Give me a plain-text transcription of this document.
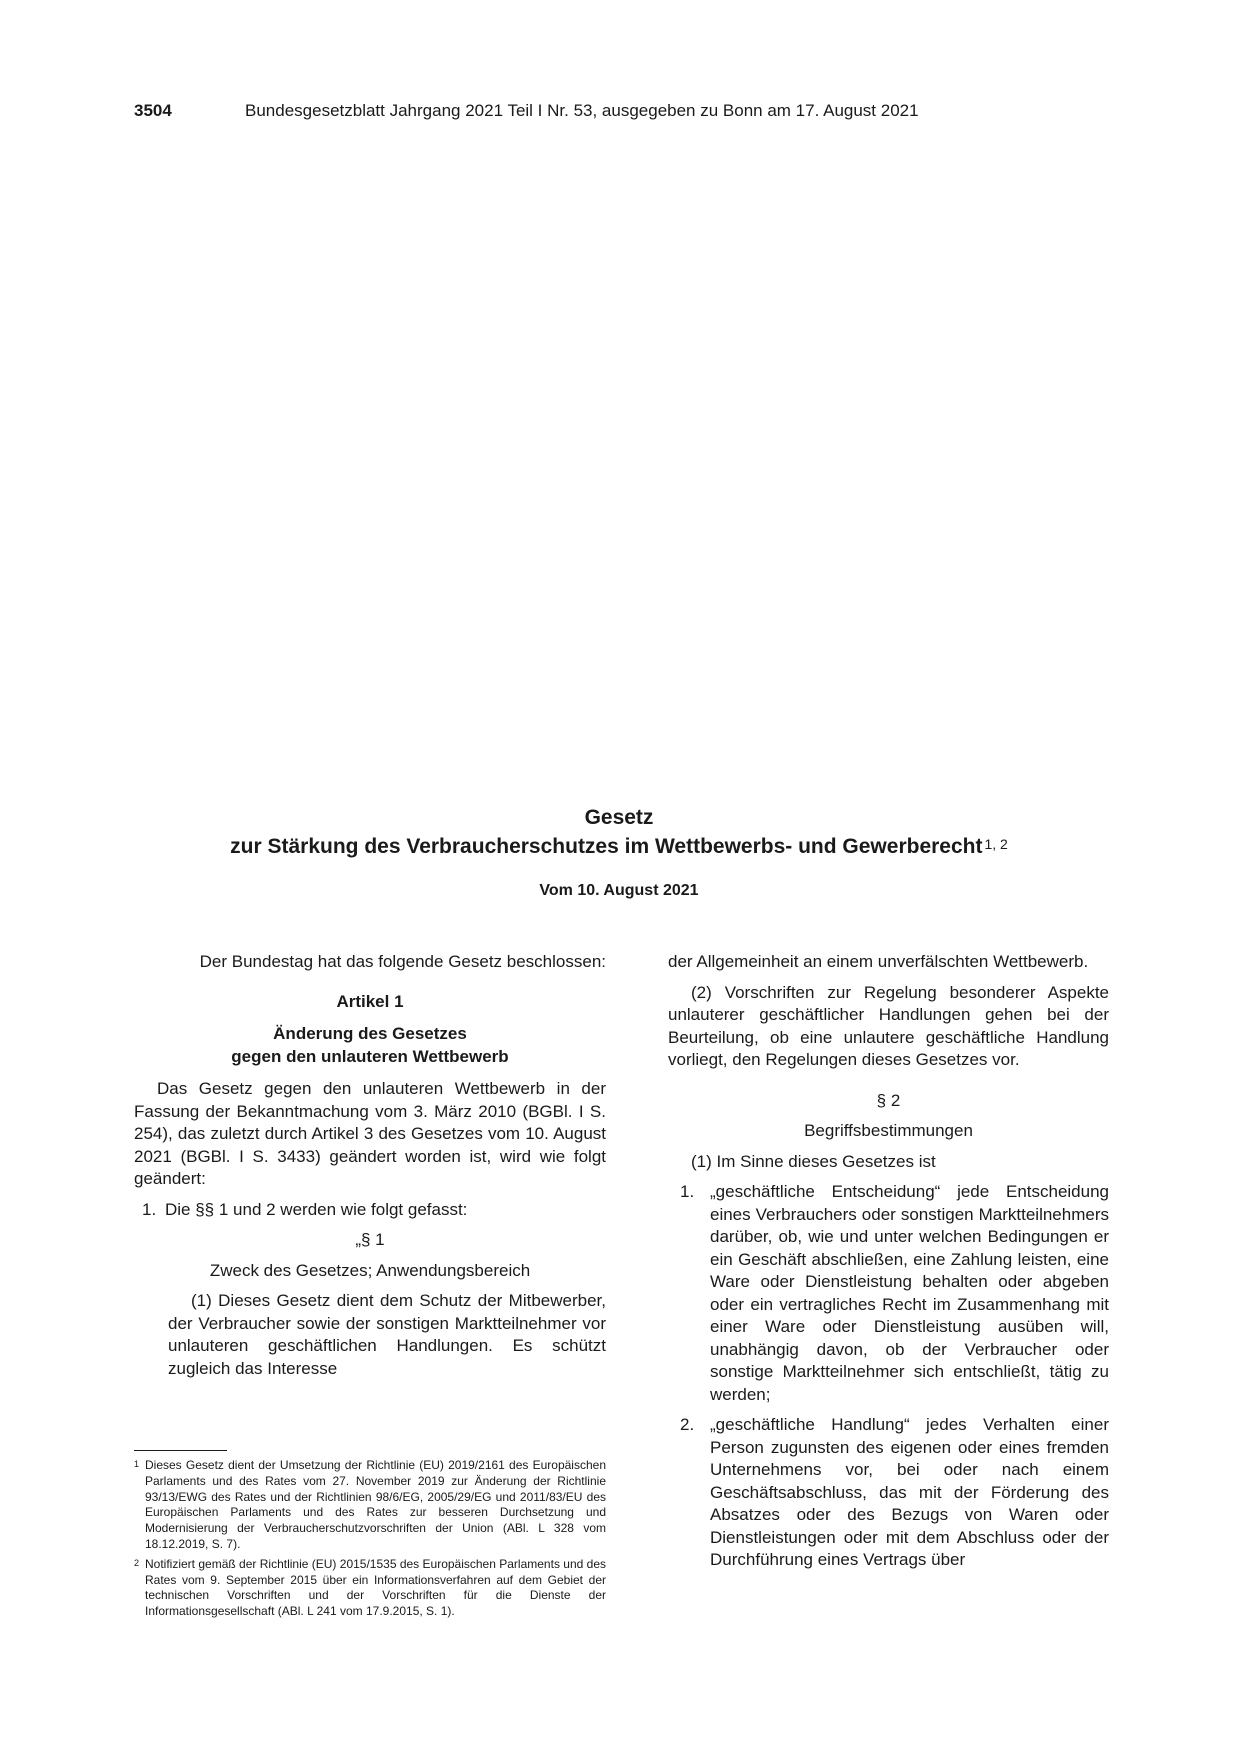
3504	Bundesgesetzblatt Jahrgang 2021 Teil I Nr. 53, ausgegeben zu Bonn am 17. August 2021
Gesetz
zur Stärkung des Verbraucherschutzes im Wettbewerbs- und Gewerberecht $^{1, 2}$
Vom 10. August 2021

Der Bundestag hat das folgende Gesetz beschlossen:

Artikel 1

Änderung des Gesetzes
gegen den unlauteren Wettbewerb

Das Gesetz gegen den unlauteren Wettbewerb in der Fassung der Bekanntmachung vom 3. März 2010 (BGBl. I S. 254), das zuletzt durch Artikel 3 des Gesetzes vom 10. August 2021 (BGBl. I S. 3433) geändert worden ist, wird wie folgt geändert:

1. Die §§ 1 und 2 werden wie folgt gefasst:

„§ 1

Zweck des Gesetzes; Anwendungsbereich

(1) Dieses Gesetz dient dem Schutz der Mitbewerber, der Verbraucher sowie der sonstigen Marktteilnehmer vor unlauteren geschäftlichen Handlungen. Es schützt zugleich das Interesse

1 Dieses Gesetz dient der Umsetzung der Richtlinie (EU) 2019/2161 des Europäischen Parlaments und des Rates vom 27. November 2019 zur Änderung der Richtlinie 93/13/EWG des Rates und der Richtlinien 98/6/EG, 2005/29/EG und 2011/83/EU des Europäischen Parlaments und des Rates zur besseren Durchsetzung und Modernisierung der Verbraucherschutzvorschriften der Union (ABl. L 328 vom 18.12.2019, S. 7).
2 Notifiziert gemäß der Richtlinie (EU) 2015/1535 des Europäischen Parlaments und des Rates vom 9. September 2015 über ein Informationsverfahren auf dem Gebiet der technischen Vorschriften und der Vorschriften für die Dienste der Informationsgesellschaft (ABl. L 241 vom 17.9.2015, S. 1).

der Allgemeinheit an einem unverfälschten Wettbewerb.

(2) Vorschriften zur Regelung besonderer Aspekte unlauterer geschäftlicher Handlungen gehen bei der Beurteilung, ob eine unlautere geschäftliche Handlung vorliegt, den Regelungen dieses Gesetzes vor.

§ 2

Begriffsbestimmungen

(1) Im Sinne dieses Gesetzes ist

1. „geschäftliche Entscheidung“ jede Entscheidung eines Verbrauchers oder sonstigen Marktteilnehmers darüber, ob, wie und unter welchen Bedingungen er ein Geschäft abschließen, eine Zahlung leisten, eine Ware oder Dienstleistung behalten oder abgeben oder ein vertragliches Recht im Zusammenhang mit einer Ware oder Dienstleistung ausüben will, unabhängig davon, ob der Verbraucher oder sonstige Marktteilnehmer sich entschließt, tätig zu werden;
2. „geschäftliche Handlung“ jedes Verhalten einer Person zugunsten des eigenen oder eines fremden Unternehmens vor, bei oder nach einem Geschäftsabschluss, das mit der Förderung des Absatzes oder des Bezugs von Waren oder Dienstleistungen oder mit dem Abschluss oder der Durchführung eines Vertrags über
